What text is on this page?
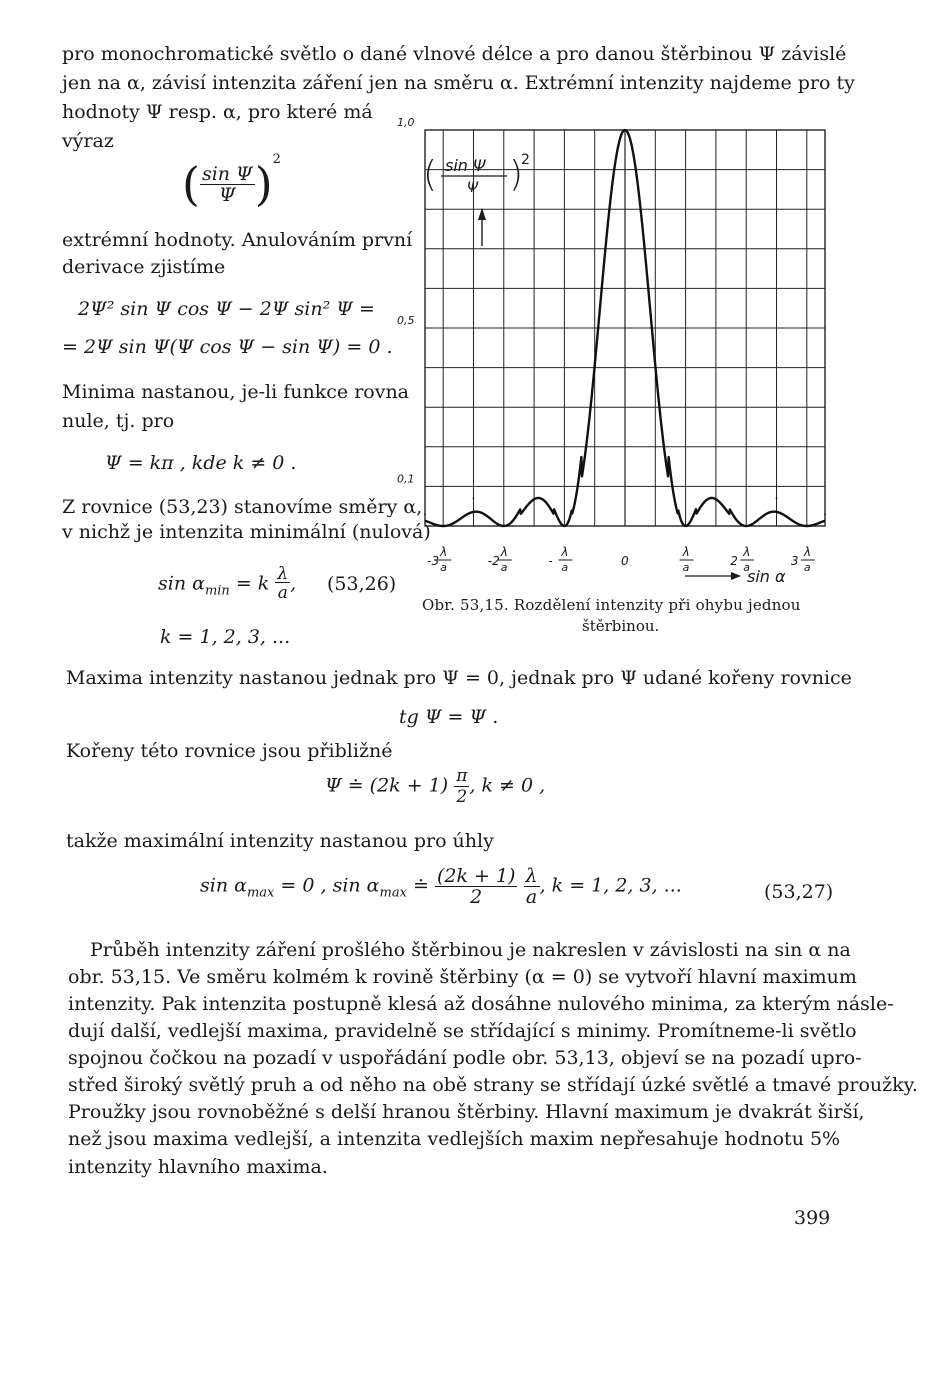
pro monochromatické světlo o dané vlnové délce a pro danou štěrbinou Ψ závislé
jen na α, závisí intenzita záření jen na směru α. Extrémní intenzity najdeme pro ty
hodnoty Ψ resp. α, pro které má
výraz
( $\frac{\text{sin Ψ}}{\Psi} )^2$
extrémní hodnoty. Anulováním první
derivace zjistíme
2Ψ² sin Ψ cos Ψ − 2Ψ sin² Ψ =
= 2Ψ sin Ψ(Ψ cos Ψ − sin Ψ) = 0 .
Minima nastanou, je-li funkce rovna
nule, tj. pro
Ψ = kπ , kde k ≠ 0 .
Z rovnice (53,23) stanovíme směry α,
v nichž je intenzita minimální (nulová)
$\sin \alpha_{min} = k \frac{\lambda}{a}$ , (53,26)
k = 1, 2, 3, ...
1,0
0,5
0,1
-3
λ
a	-2
λ
a	-
λ
a	0
λ
a	2
λ
a	3
λ
a
( sin Ψ
Ψ )
2
sin α
Obr. 53,15. Rozdělení intenzity při ohybu jednou
štěrbinou.
Maxima intenzity nastanou jednak pro Ψ = 0, jednak pro Ψ udané kořeny rovnice
tg Ψ = Ψ .
Kořeny této rovnice jsou přibližné
Ψ ≐ $(2k + 1) \frac{\pi}{2}$ , k ≠ 0 ,
takže maximální intenzity nastanou pro úhly
$\sin \alpha_{max} = 0$ , $\sin \alpha_{max}$ ≐ $\frac{(2k + 1)}{2}$
$\frac{\lambda}{a}$ , k = 1, 2, 3, ...	(53,27)
Průběh intenzity záření prošlého štěrbinou je nakreslen v závislosti na sin α na
obr. 53,15. Ve směru kolmém k rovině štěrbiny (α = 0) se vytvoří hlavní maximum
intenzity. Pak intenzita postupně klesá až dosáhne nulového minima, za kterým násle-
dují další, vedlejší maxima, pravidelně se střídající s minimy. Promítneme-li světlo
spojnou čočkou na pozadí v uspořádání podle obr. 53,13, objeví se na pozadí upro-
střed široký světlý pruh a od něho na obě strany se střídají úzké světlé a tmavé proužky.
Proužky jsou rovnoběžné s delší hranou štěrbiny. Hlavní maximum je dvakrát širší,
než jsou maxima vedlejší, a intenzita vedlejších maxim nepřesahuje hodnotu 5%
intenzity hlavního maxima.
399
